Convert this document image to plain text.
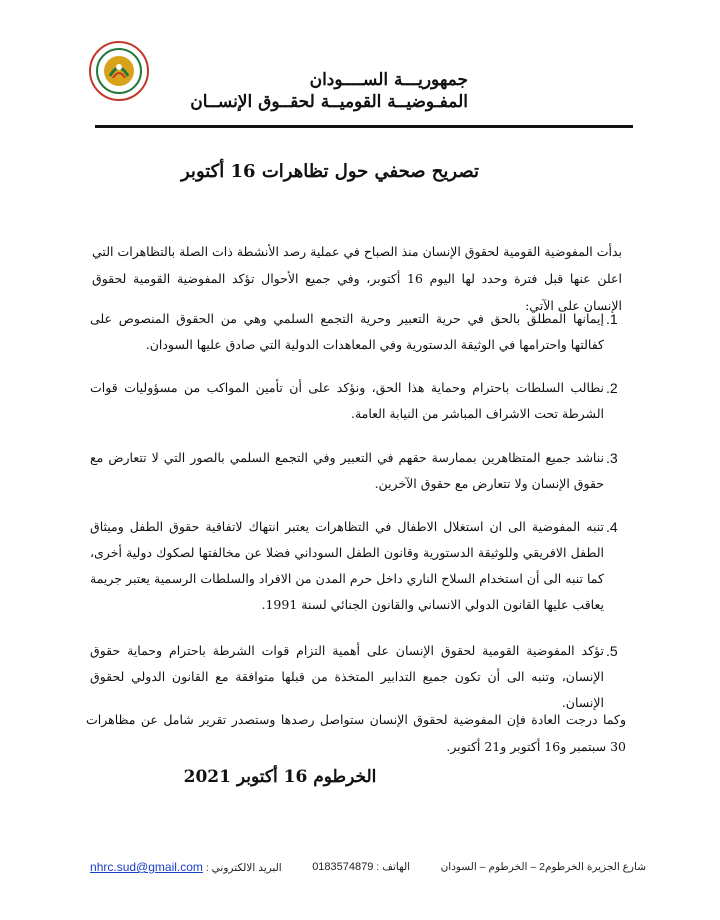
جمهوريـــة الســــودان
المفـوضيــة القوميــة لحقــوق الإنســان
تصريح صحفي حول تظاهرات 16 أكتوبر
بدأت المفوضية القومية لحقوق الإنسان منذ الصباح في عملية رصد الأنشطة ذات الصلة بالتظاهرات التي اعلن عنها قبل فترة وحدد لها اليوم 16 أكتوبر، وفي جميع الأحوال تؤكد المفوضية القومية لحقوق الإنسان على الآتي:
1.
إيمانها المطلق بالحق في حرية التعبير وحرية التجمع السلمي وهي من الحقوق المنصوص على كفالتها واحترامها في الوثيقة الدستورية وفي المعاهدات الدولية التي صادق عليها السودان.
2.
نطالب السلطات باحترام وحماية هذا الحق، ونؤكد على أن تأمين المواكب من مسؤوليات قوات الشرطة تحت الاشراف المباشر من النيابة العامة.
3.
نناشد جميع المتظاهرين بممارسة حقهم في التعبير وفي التجمع السلمي بالصور التي لا تتعارض مع حقوق الإنسان ولا تتعارض مع حقوق الآخرين.
4.
تنبه المفوضية الى ان استغلال الاطفال في التظاهرات يعتبر انتهاك لاتفاقية حقوق الطفل وميثاق الطفل الافريقي وللوثيقة الدستورية وقانون الطفل السوداني فضلا عن مخالفتها لصكوك دولية أخرى، كما تنبه الى أن استخدام السلاح الناري داخل حرم المدن من الافراد والسلطات الرسمية يعتبر جريمة يعاقب عليها القانون الدولي الانساني والقانون الجنائي لسنة 1991.
5.
تؤكد المفوضية القومية لحقوق الإنسان على أهمية التزام قوات الشرطة باحترام وحماية حقوق الإنسان، وتنبه الى أن تكون جميع التدابير المتخذة من قبلها متوافقة مع القانون الدولي لحقوق الإنسان.
وكما درجت العادة فإن المفوضية لحقوق الإنسان ستواصل رصدها وستصدر تقرير شامل عن مظاهرات 30 سبتمبر و16 أكتوبر و21 أكتوبر.
الخرطوم 16 أكتوبر 2021
شارع الجزيرة الخرطوم2 – الخرطوم – السودان
الهاتف : 0183574879
البريد الالكتروني : nhrc.sud@gmail.com
